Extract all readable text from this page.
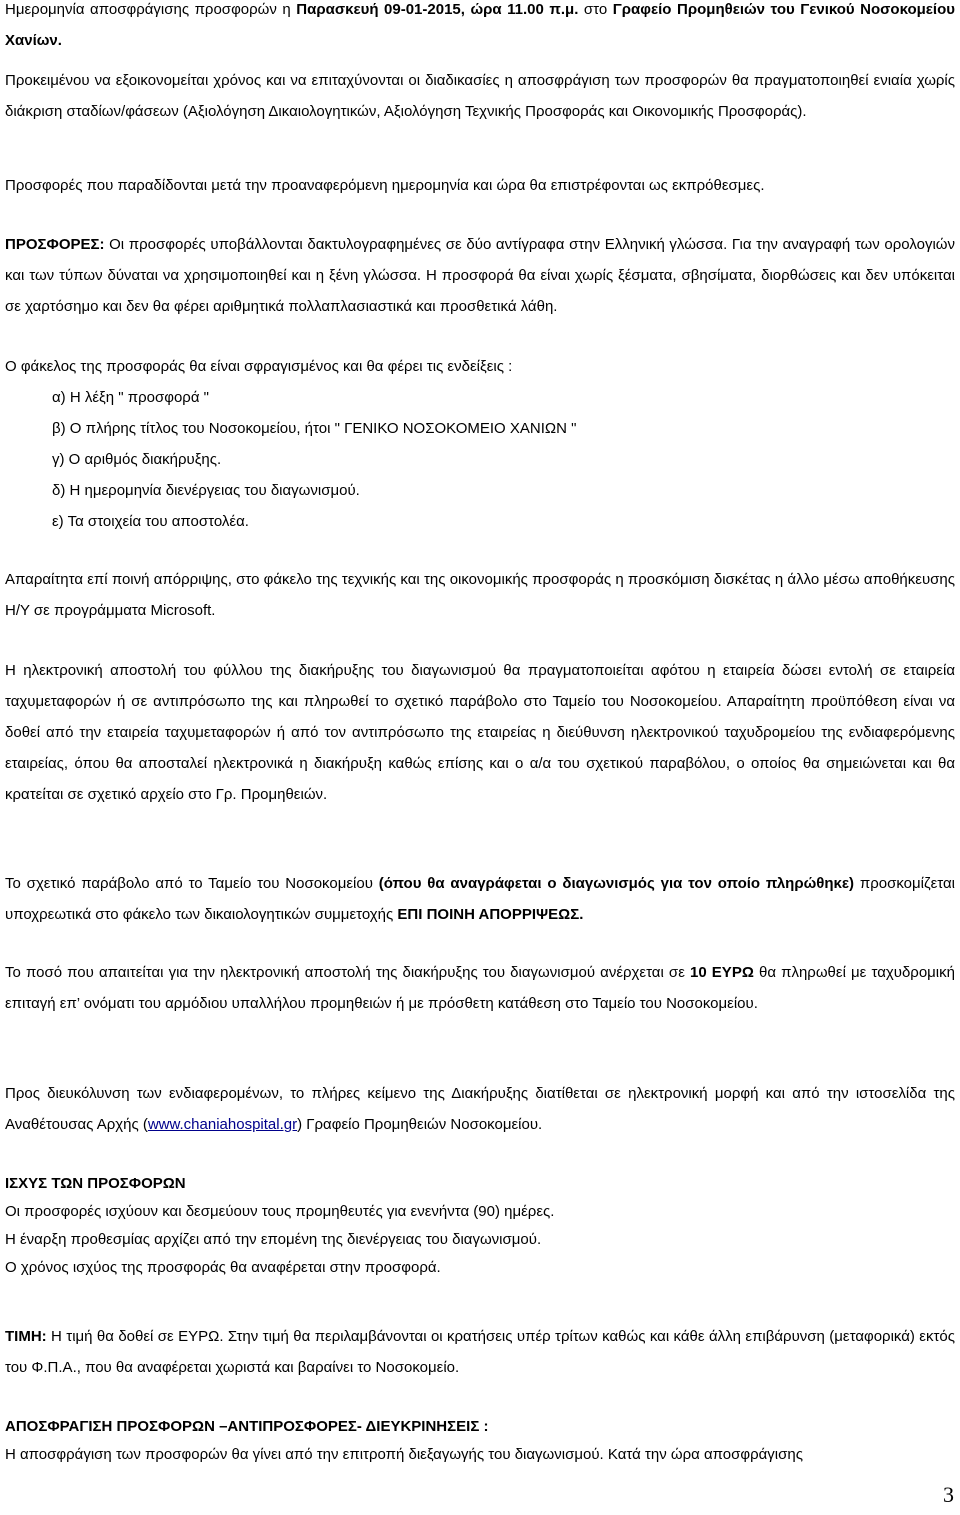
Ημερομηνία αποσφράγισης προσφορών η Παρασκευή 09-01-2015, ώρα 11.00 π.μ. στο Γραφείο Προμηθειών του Γενικού Νοσοκομείου Χανίων.

Προκειμένου να εξοικονομείται χρόνος και να επιταχύνονται οι διαδικασίες η αποσφράγιση των προσφορών θα πραγματοποιηθεί ενιαία χωρίς διάκριση σταδίων/φάσεων (Αξιολόγηση Δικαιολογητικών, Αξιολόγηση Τεχνικής Προσφοράς και Οικονομικής Προσφοράς).

Προσφορές που παραδίδονται μετά την προαναφερόμενη ημερομηνία και ώρα θα επιστρέφονται ως εκπρόθεσμες.

ΠΡΟΣΦΟΡΕΣ: Οι προσφορές υποβάλλονται δακτυλογραφημένες σε δύο αντίγραφα στην Ελληνική γλώσσα. Για την αναγραφή των ορολογιών και των τύπων δύναται να χρησιμοποιηθεί και η ξένη γλώσσα. Η προσφορά θα είναι χωρίς ξέσματα, σβησίματα, διορθώσεις και δεν υπόκειται σε χαρτόσημο και δεν θα φέρει αριθμητικά πολλαπλασιαστικά και προσθετικά λάθη.

Ο φάκελος της προσφοράς θα είναι σφραγισμένος και θα φέρει τις ενδείξεις :

α) Η λέξη " προσφορά "
β) Ο πλήρης τίτλος του Νοσοκομείου, ήτοι " ΓΕΝΙΚΟ ΝΟΣΟΚΟΜΕΙΟ ΧΑΝΙΩΝ "
γ) Ο αριθμός διακήρυξης.
δ) Η ημερομηνία διενέργειας του διαγωνισμού.
ε) Τα στοιχεία του αποστολέα.

Απαραίτητα επί ποινή απόρριψης, στο φάκελο της τεχνικής και της οικονομικής προσφοράς η προσκόμιση δισκέτας η άλλο μέσω αποθήκευσης Η/Υ σε προγράμματα Microsoft.

Η ηλεκτρονική αποστολή του φύλλου της διακήρυξης του διαγωνισμού θα πραγματοποιείται αφότου η εταιρεία δώσει εντολή σε εταιρεία ταχυμεταφορών ή σε αντιπρόσωπο της και πληρωθεί το σχετικό παράβολο στο Ταμείο του Νοσοκομείου. Απαραίτητη προϋπόθεση είναι να δοθεί από την εταιρεία ταχυμεταφορών ή από τον αντιπρόσωπο της εταιρείας η διεύθυνση ηλεκτρονικού ταχυδρομείου της ενδιαφερόμενης εταιρείας, όπου θα αποσταλεί ηλεκτρονικά η διακήρυξη καθώς επίσης και ο α/α του σχετικού παραβόλου, ο οποίος θα σημειώνεται και θα κρατείται σε σχετικό αρχείο στο Γρ. Προμηθειών.

Το σχετικό παράβολο από το Ταμείο του Νοσοκομείου (όπου θα αναγράφεται ο διαγωνισμός για τον οποίο πληρώθηκε) προσκομίζεται υποχρεωτικά στο φάκελο των δικαιολογητικών συμμετοχής ΕΠΙ ΠΟΙΝΗ ΑΠΟΡΡΙΨΕΩΣ.

Το ποσό που απαιτείται για την ηλεκτρονική αποστολή της διακήρυξης του διαγωνισμού ανέρχεται σε 10 ΕΥΡΩ θα πληρωθεί με ταχυδρομική επιταγή επ’ ονόματι του αρμόδιου υπαλλήλου προμηθειών ή με πρόσθετη κατάθεση στο Ταμείο του Νοσοκομείου.

Προς διευκόλυνση των ενδιαφερομένων, το πλήρες κείμενο της Διακήρυξης διατίθεται σε ηλεκτρονική μορφή και από την ιστοσελίδα της Αναθέτουσας Αρχής (www.chaniahospital.gr) Γραφείο Προμηθειών Νοσοκομείου.

ΙΣΧΥΣ ΤΩΝ ΠΡΟΣΦΟΡΩΝ
Οι προσφορές ισχύουν και δεσμεύουν τους προμηθευτές για ενενήντα (90) ημέρες.
Η έναρξη προθεσμίας αρχίζει από την επομένη της διενέργειας του διαγωνισμού.
Ο χρόνος ισχύος της προσφοράς θα αναφέρεται στην προσφορά.

ΤΙΜΗ: Η τιμή θα δοθεί σε ΕΥΡΩ. Στην τιμή θα περιλαμβάνονται οι κρατήσεις υπέρ τρίτων καθώς και κάθε άλλη επιβάρυνση (μεταφορικά) εκτός του Φ.Π.Α., που θα αναφέρεται χωριστά και βαραίνει το Νοσοκομείο.

ΑΠΟΣΦΡΑΓΙΣΗ ΠΡΟΣΦΟΡΩΝ –ΑΝΤΙΠΡΟΣΦΟΡΕΣ- ΔΙΕΥΚΡΙΝΗΣΕΙΣ :
Η αποσφράγιση των προσφορών θα γίνει από την επιτροπή διεξαγωγής του διαγωνισμού. Κατά την ώρα αποσφράγισης

3
